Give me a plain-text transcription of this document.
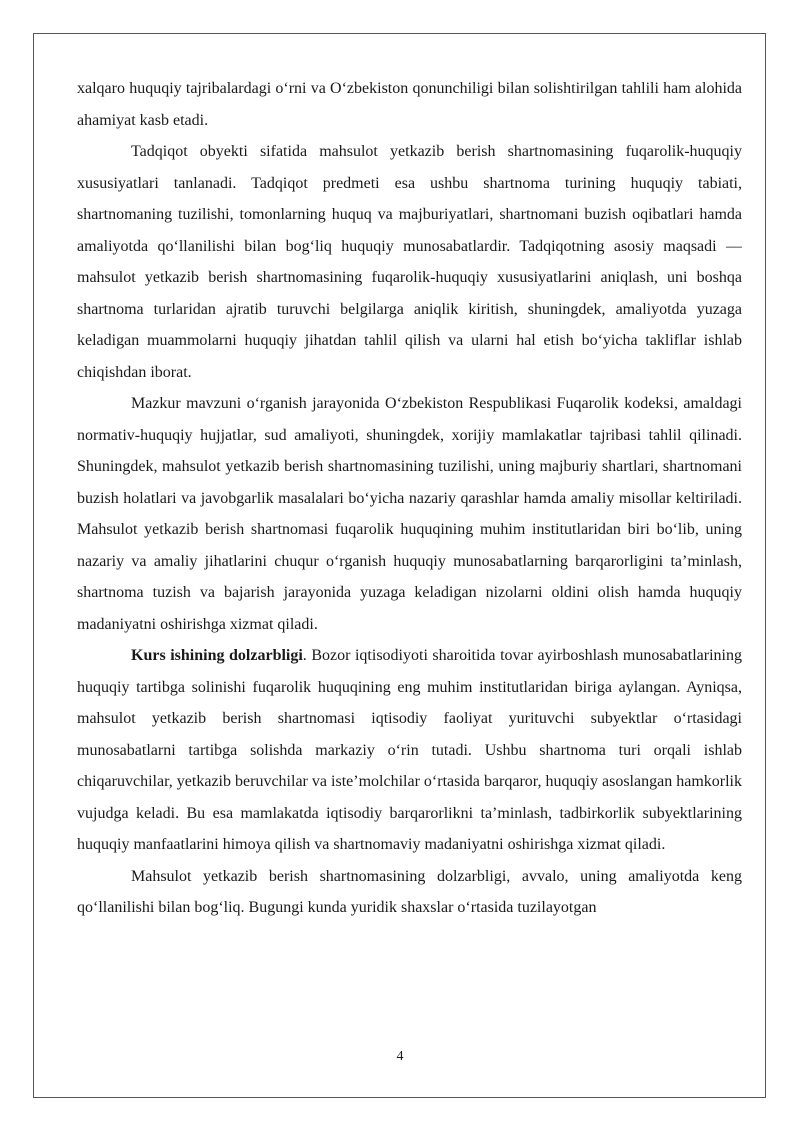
xalqaro huquqiy tajribalardagi o‘rni va O‘zbekiston qonunchiligi bilan solishtirilgan tahlili ham alohida ahamiyat kasb etadi.

Tadqiqot obyekti sifatida mahsulot yetkazib berish shartnomasining fuqarolik-huquqiy xususiyatlari tanlanadi. Tadqiqot predmeti esa ushbu shartnoma turining huquqiy tabiati, shartnomaning tuzilishi, tomonlarning huquq va majburiyatlari, shartnomani buzish oqibatlari hamda amaliyotda qo‘llanilishi bilan bog‘liq huquqiy munosabatlardir. Tadqiqotning asosiy maqsadi — mahsulot yetkazib berish shartnomasining fuqarolik-huquqiy xususiyatlarini aniqlash, uni boshqa shartnoma turlaridan ajratib turuvchi belgilarga aniqlik kiritish, shuningdek, amaliyotda yuzaga keladigan muammolarni huquqiy jihatdan tahlil qilish va ularni hal etish bo‘yicha takliflar ishlab chiqishdan iborat.

Mazkur mavzuni o‘rganish jarayonida O‘zbekiston Respublikasi Fuqarolik kodeksi, amaldagi normativ-huquqiy hujjatlar, sud amaliyoti, shuningdek, xorijiy mamlakatlar tajribasi tahlil qilinadi. Shuningdek, mahsulot yetkazib berish shartnomasining tuzilishi, uning majburiy shartlari, shartnomani buzish holatlari va javobgarlik masalalari bo‘yicha nazariy qarashlar hamda amaliy misollar keltiriladi. Mahsulot yetkazib berish shartnomasi fuqarolik huquqining muhim institutlaridan biri bo‘lib, uning nazariy va amaliy jihatlarini chuqur o‘rganish huquqiy munosabatlarning barqarorligini ta’minlash, shartnoma tuzish va bajarish jarayonida yuzaga keladigan nizolarni oldini olish hamda huquqiy madaniyatni oshirishga xizmat qiladi.

Kurs ishining dolzarbligi. Bozor iqtisodiyoti sharoitida tovar ayirboshlash munosabatlarining huquqiy tartibga solinishi fuqarolik huquqining eng muhim institutlaridan biriga aylangan. Ayniqsa, mahsulot yetkazib berish shartnomasi iqtisodiy faoliyat yurituvchi subyektlar o‘rtasidagi munosabatlarni tartibga solishda markaziy o‘rin tutadi. Ushbu shartnoma turi orqali ishlab chiqaruvchilar, yetkazib beruvchilar va iste’molchilar o‘rtasida barqaror, huquqiy asoslangan hamkorlik vujudga keladi. Bu esa mamlakatda iqtisodiy barqarorlikni ta’minlash, tadbirkorlik subyektlarining huquqiy manfaatlarini himoya qilish va shartnomaviy madaniyatni oshirishga xizmat qiladi.

Mahsulot yetkazib berish shartnomasining dolzarbligi, avvalo, uning amaliyotda keng qo‘llanilishi bilan bog‘liq. Bugungi kunda yuridik shaxslar o‘rtasida tuzilayotgan

4
